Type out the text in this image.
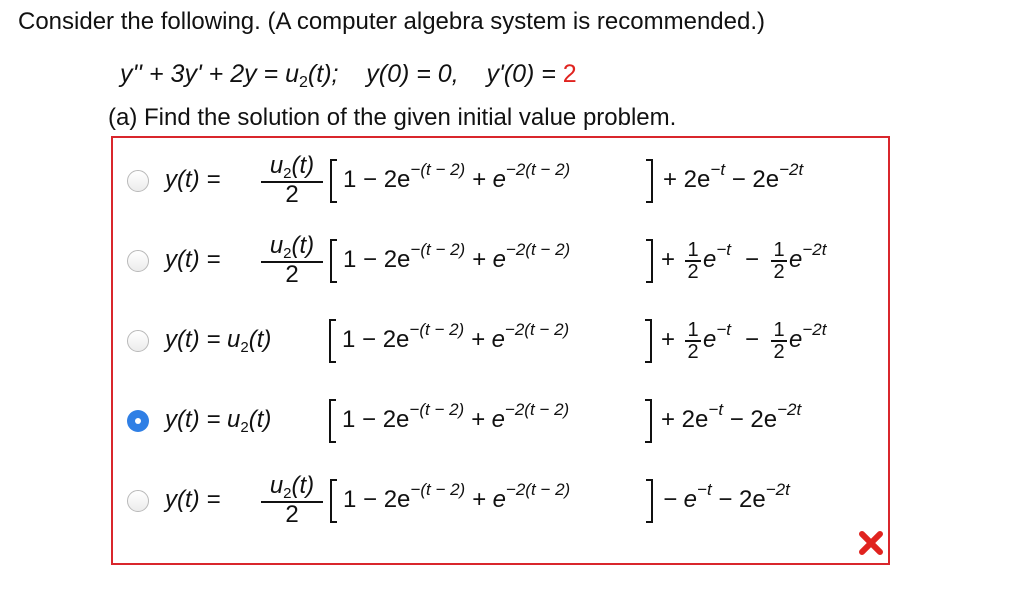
Consider the following. (A computer algebra system is recommended.)
$y'' + 3y' + 2y = u_2(t)$; y(0) = 0, y'(0) = 2
(a) Find the solution of the given initial value problem.
$y(t) = \frac{u_2(t)}{2} 1 - 2e^{-(t - 2)} + e^{-2(t - 2)}$	+ $2e^{-t} - 2e^{-2t}$
$y(t) = \frac{u_2(t)}{2} 1 - 2e^{-(t - 2)} + e^{-2(t - 2)}$	+ $\frac{1}{2} e^{-t} - \frac{1}{2} e^{-2t}$
$y(t) = u_2(t)$	$1 - 2e^{-(t - 2)} + e^{-2(t - 2)}$	+ $\frac{1}{2} e^{-t} - \frac{1}{2} e^{-2t}$
$y(t) = u_2(t)$	$1 - 2e^{-(t - 2)} + e^{-2(t - 2)}$	+ $2e^{-t} - 2e^{-2t}$
$y(t) = \frac{u_2(t)}{2} 1 - 2e^{-(t - 2)} + e^{-2(t - 2)}$	− $e^{-t} - 2e^{-2t}$
